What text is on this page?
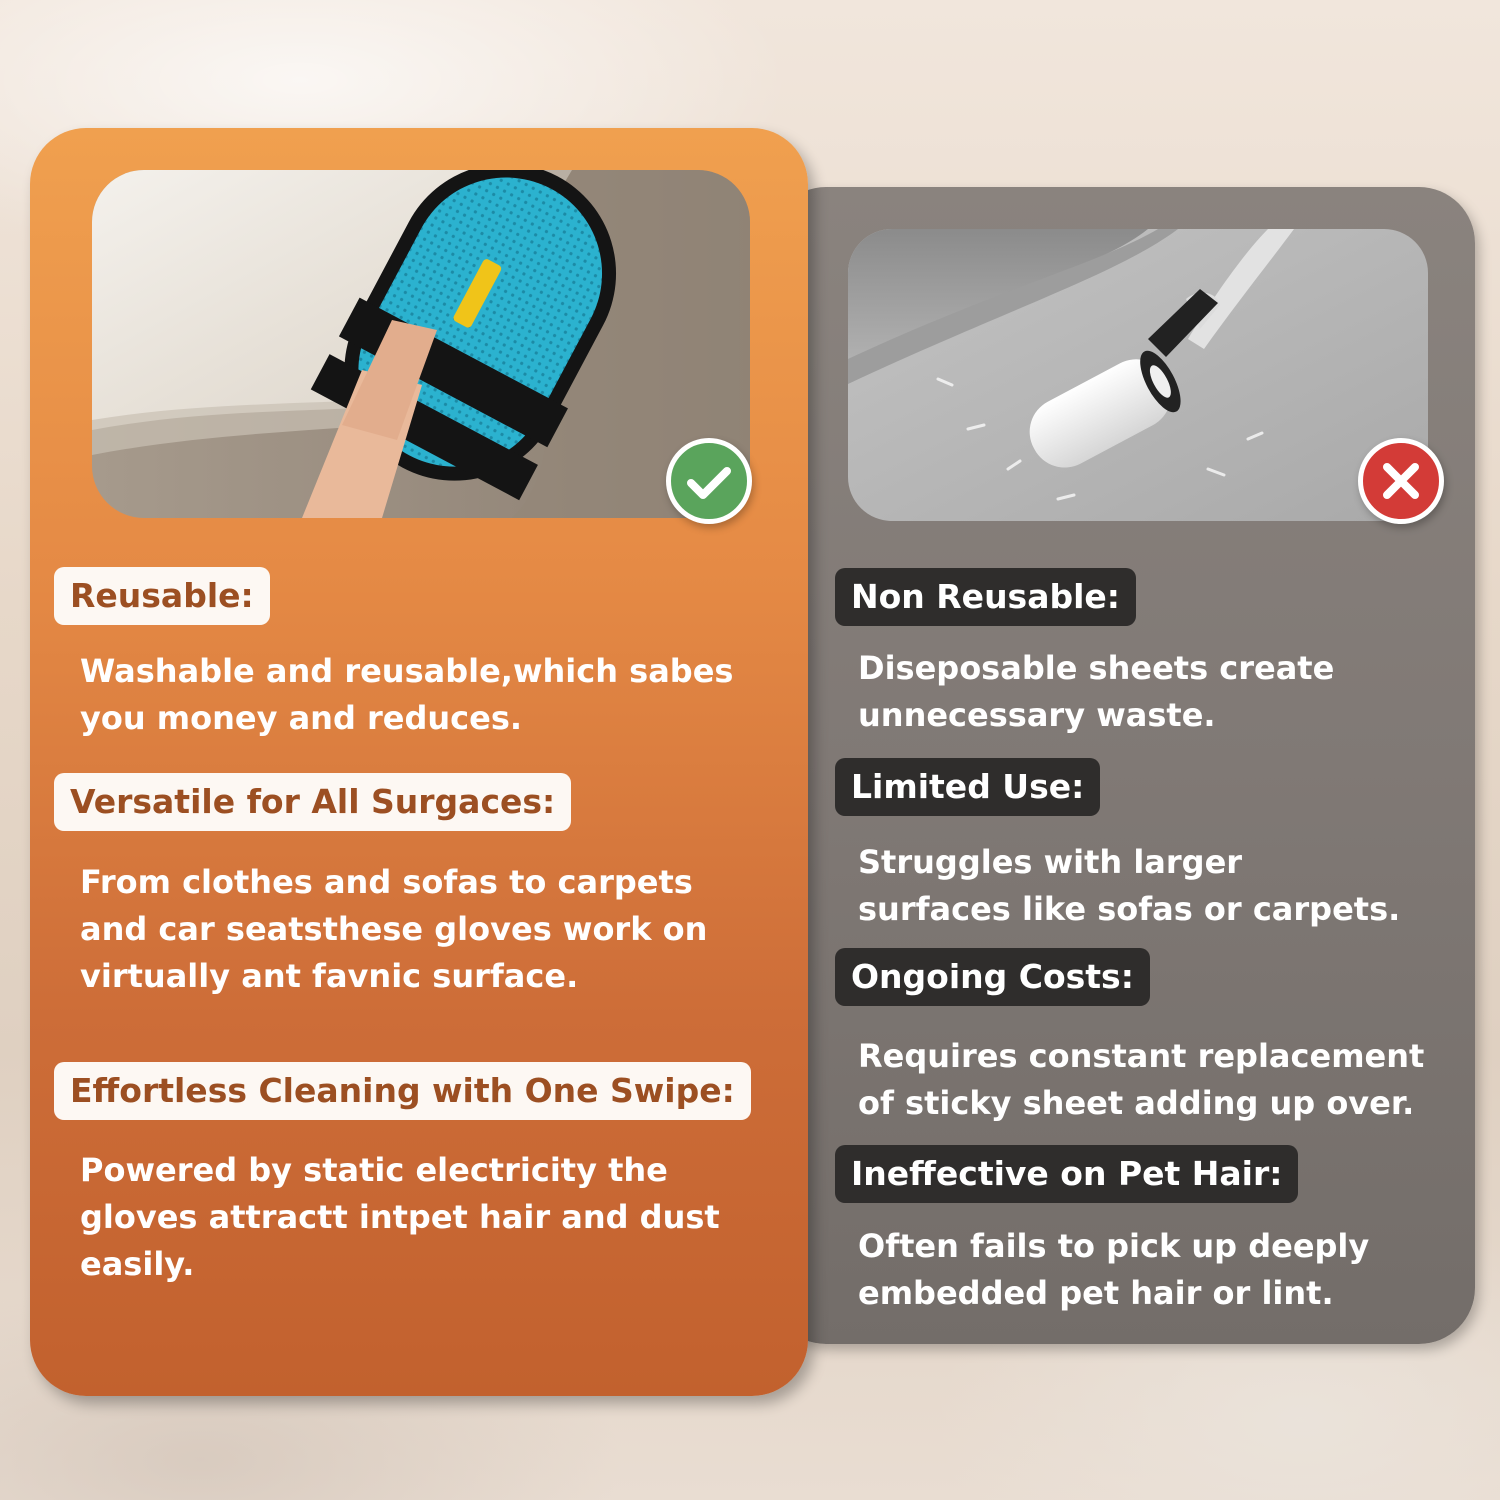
Reusable:

Washable and reusable,which sabes
you money and reduces.

Versatile for All Surgaces:

From clothes and sofas to carpets
and car seatsthese gloves work on
virtually ant favnic surface.

Effortless Cleaning with One Swipe:

Powered by static electricity the
gloves attractt intpet hair and dust
easily.

Non Reusable:

Diseposable sheets create
unnecessary waste.

Limited Use:

Struggles with larger
surfaces like sofas or carpets.

Ongoing Costs:

Requires constant replacement
of sticky sheet adding up over.

Ineffective on Pet Hair:

Often fails to pick up deeply
embedded pet hair or lint.
